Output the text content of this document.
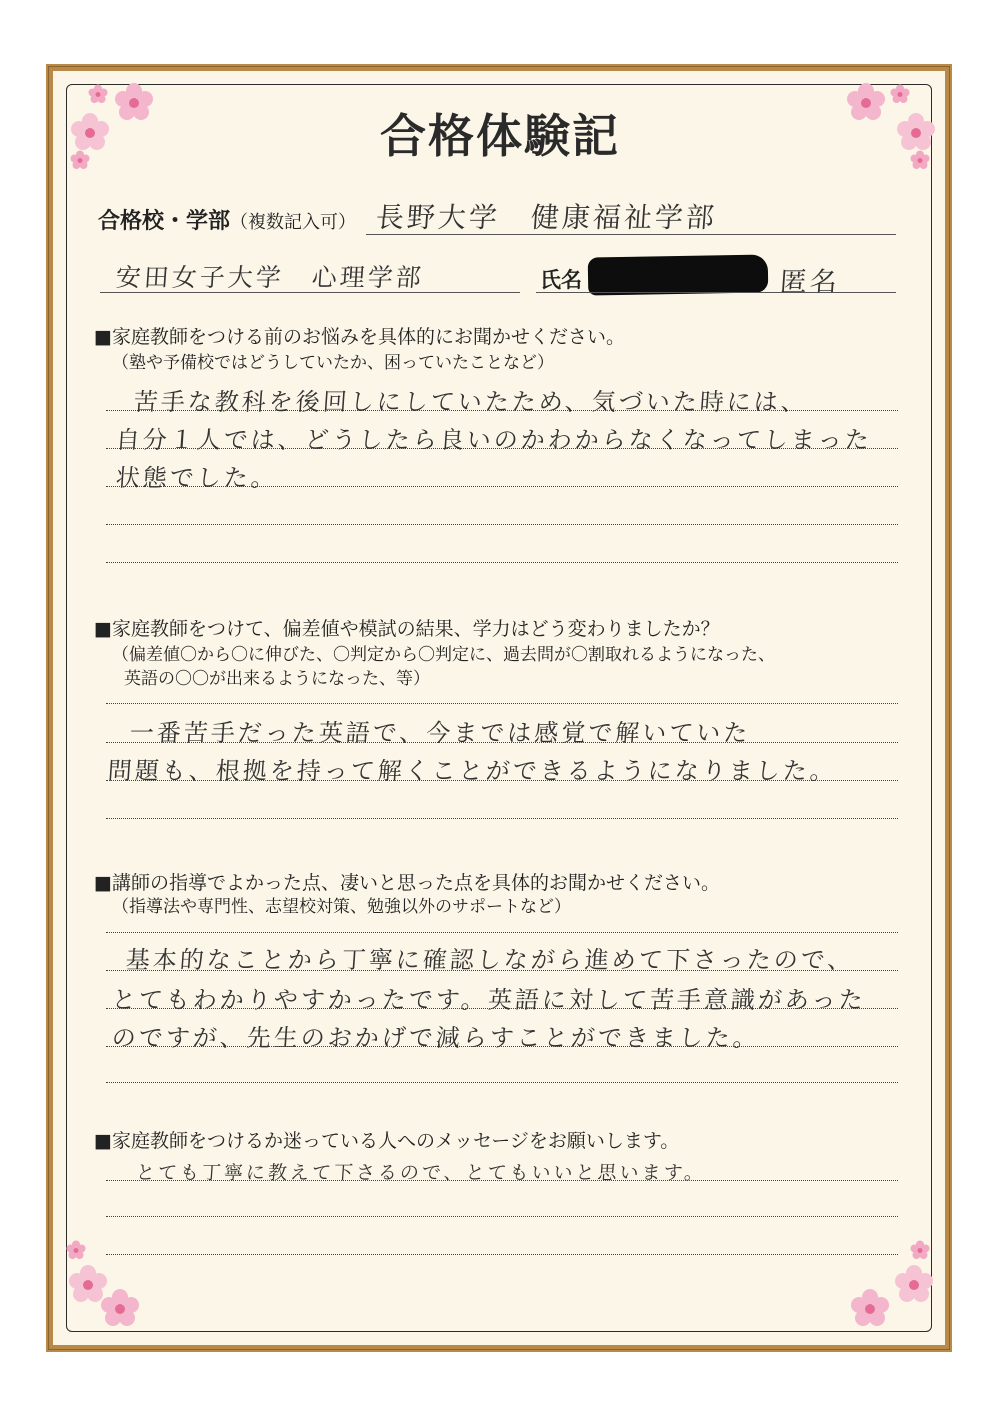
合格体験記
合格校・学部（複数記入可） 長野大学　健康福祉学部
安田女子大学　心理学部	氏名	匿名
■家庭教師をつける前のお悩みを具体的にお聞かせください。
（塾や予備校ではどうしていたか、困っていたことなど）
苦手な教科を後回しにしていたため、気づいた時には、
自分１人では、どうしたら良いのかわからなくなってしまった
状態でした。
■家庭教師をつけて、偏差値や模試の結果、学力はどう変わりましたか？
（偏差値〇から〇に伸びた、〇判定から〇判定に、過去問が〇割取れるようになった、
英語の〇〇が出来るようになった、等）
一番苦手だった英語で、今までは感覚で解いていた
問題も、根拠を持って解くことができるようになりました。
■講師の指導でよかった点、凄いと思った点を具体的お聞かせください。
（指導法や専門性、志望校対策、勉強以外のサポートなど）
基本的なことから丁寧に確認しながら進めて下さったので、
とてもわかりやすかったです。英語に対して苦手意識があった
のですが、先生のおかげで減らすことができました。
■家庭教師をつけるか迷っている人へのメッセージをお願いします。
とても丁寧に教えて下さるので、とてもいいと思います。
